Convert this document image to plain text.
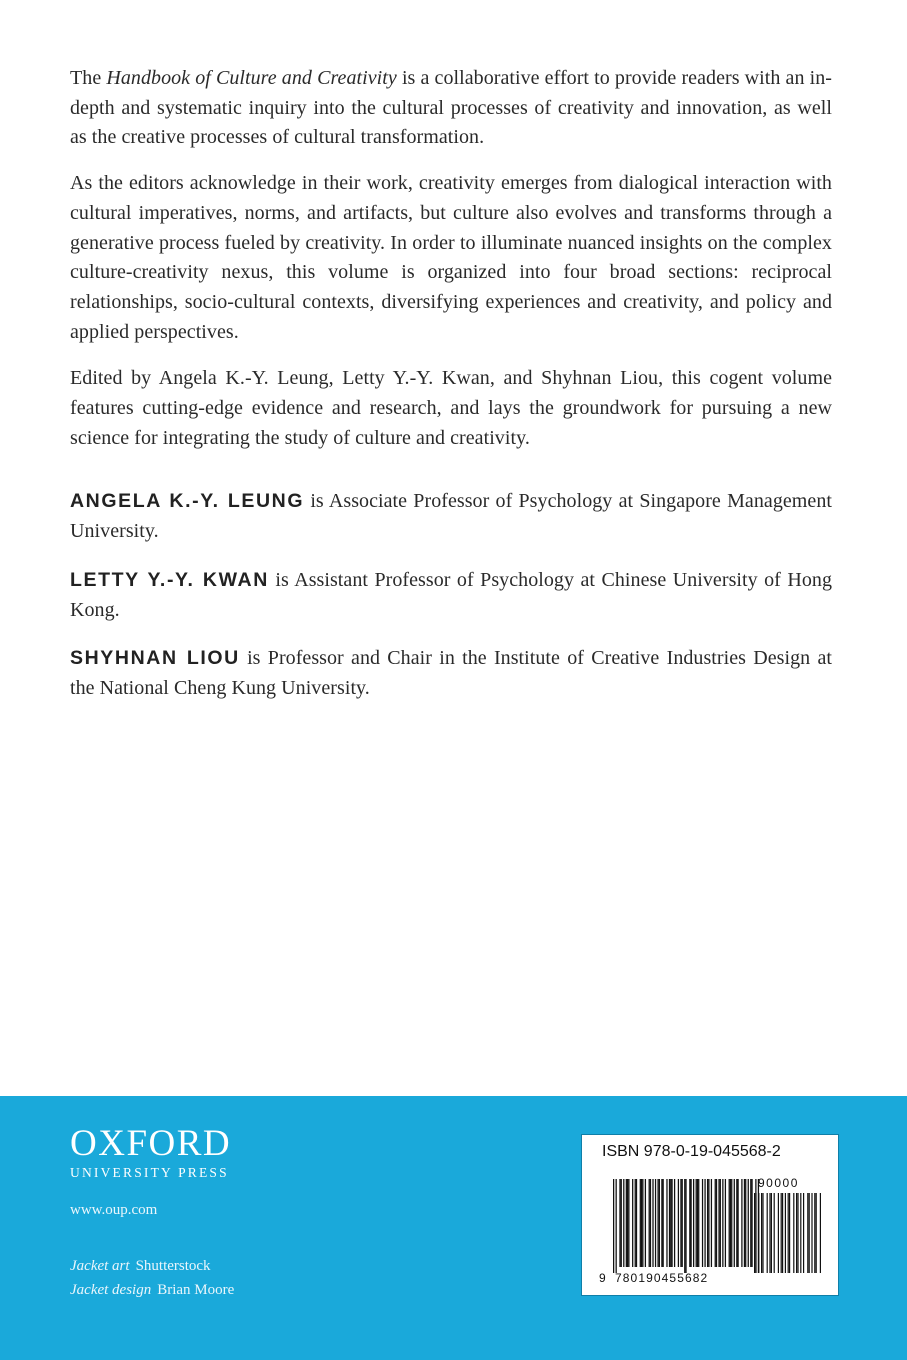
The Handbook of Culture and Creativity is a collaborative effort to provide readers with an in-depth and systematic inquiry into the cultural processes of creativity and innovation, as well as the creative processes of cultural transformation.

As the editors acknowledge in their work, creativity emerges from dialogical interaction with cultural imperatives, norms, and artifacts, but culture also evolves and transforms through a generative process fueled by creativity. In order to illuminate nuanced insights on the complex culture-creativity nexus, this volume is organized into four broad sections: reciprocal relationships, socio-cultural contexts, diversifying experiences and creativity, and policy and applied perspectives.

Edited by Angela K.-Y. Leung, Letty Y.-Y. Kwan, and Shyhnan Liou, this cogent volume features cutting-edge evidence and research, and lays the groundwork for pursuing a new science for integrating the study of culture and creativity.

ANGELA K.-Y. LEUNG is Associate Professor of Psychology at Singapore Management University.

LETTY Y.-Y. KWAN is Assistant Professor of Psychology at Chinese University of Hong Kong.

SHYHNAN LIOU is Professor and Chair in the Institute of Creative Industries Design at the National Cheng Kung University.

OXFORD
UNIVERSITY PRESS
www.oup.com
Jacket art Shutterstock
Jacket design Brian Moore
ISBN 978-0-19-045568-2
90000
9 780190455682
